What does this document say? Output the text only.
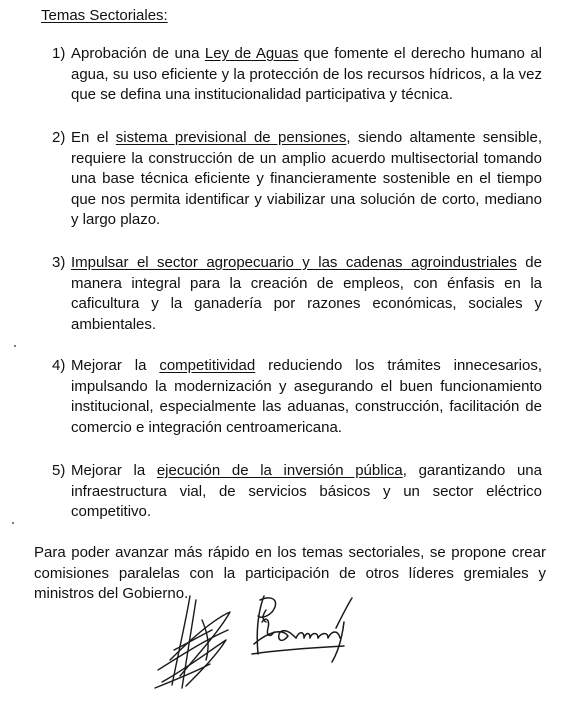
Temas Sectoriales:
1) Aprobación de una Ley de Aguas que fomente el derecho humano al agua, su uso eficiente y la protección de los recursos hídricos, a la vez que se defina una institucionalidad participativa y técnica.
2) En el sistema previsional de pensiones, siendo altamente sensible, requiere la construcción de un amplio acuerdo multisectorial tomando una base técnica eficiente y financieramente sostenible en el tiempo que nos permita identificar y viabilizar una solución de corto, mediano y largo plazo.
3) Impulsar el sector agropecuario y las cadenas agroindustriales de manera integral para la creación de empleos, con énfasis en la caficultura y la ganadería por razones económicas, sociales y ambientales.
4) Mejorar la competitividad reduciendo los trámites innecesarios, impulsando la modernización y asegurando el buen funcionamiento institucional, especialmente las aduanas, construcción, facilitación de comercio e integración centroamericana.
5) Mejorar la ejecución de la inversión pública, garantizando una infraestructura vial, de servicios básicos y un sector eléctrico competitivo.
Para poder avanzar más rápido en los temas sectoriales, se propone crear comisiones paralelas con la participación de otros líderes gremiales y ministros del Gobierno.
